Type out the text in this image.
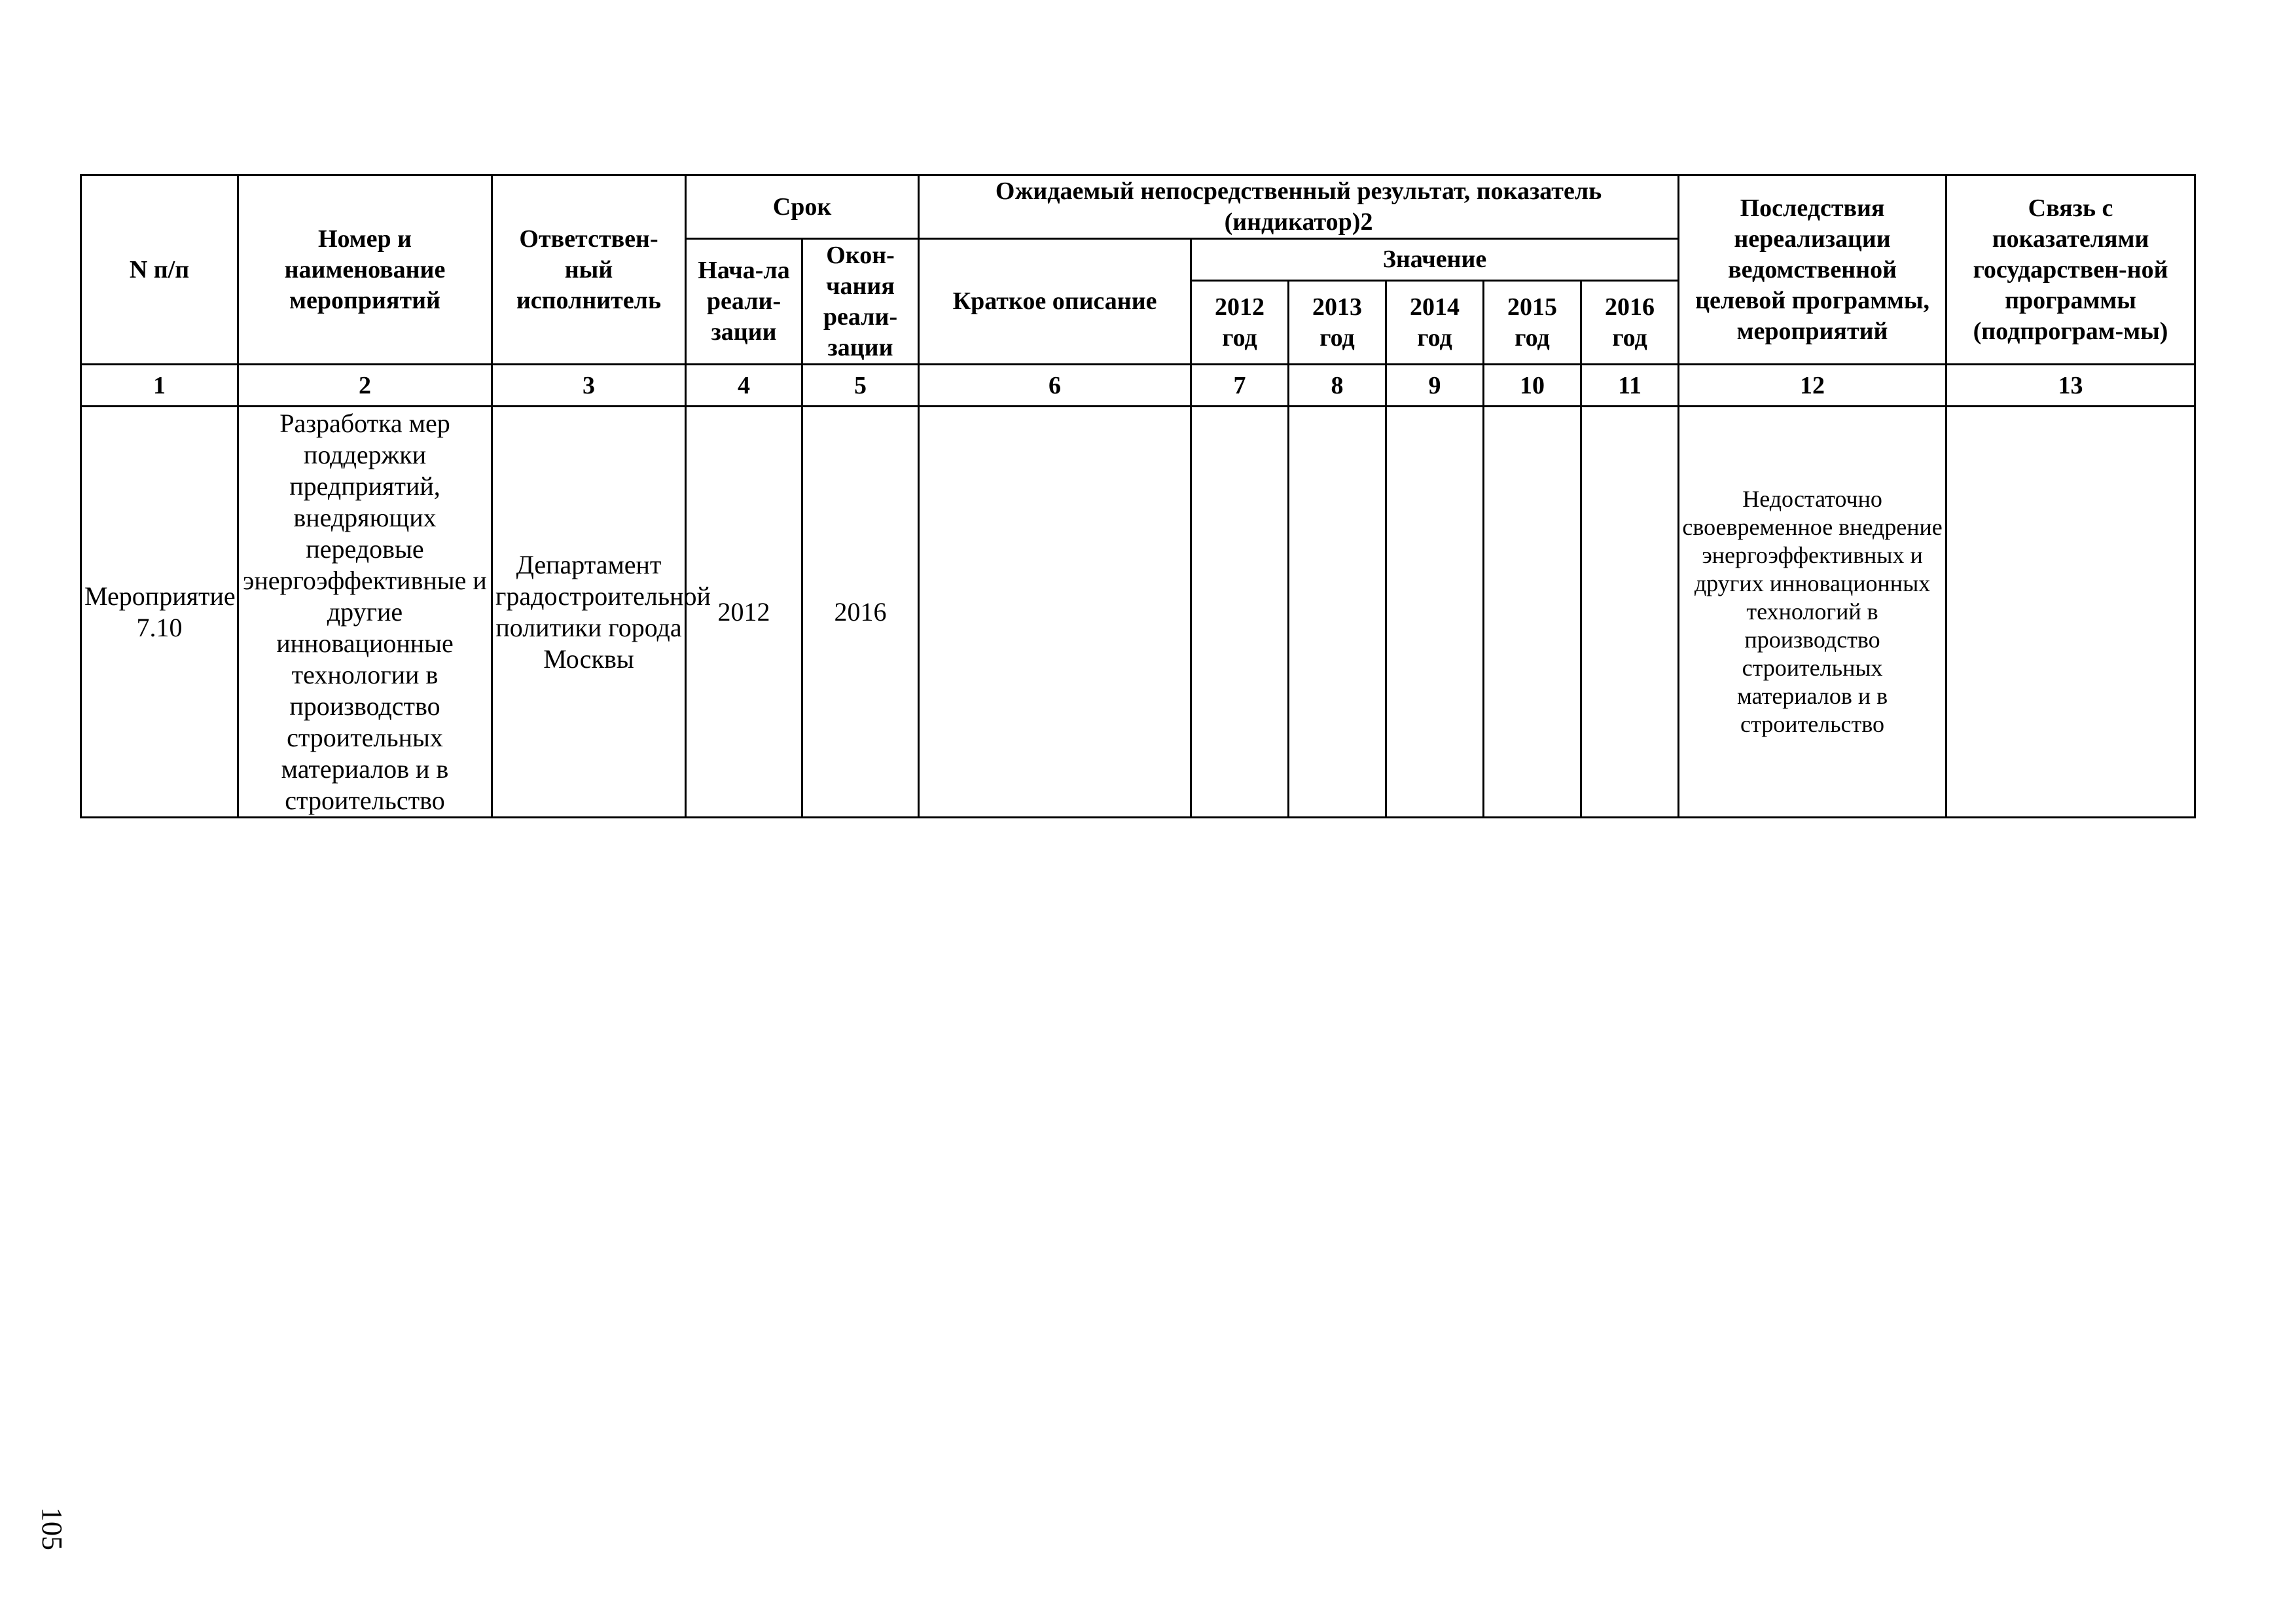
N п/п	Номер и наименование мероприятий	Ответствен-ный исполнитель	Срок		Ожидаемый непосредственный результат, показатель (индикатор)2						Последствия нереализации ведомственной целевой программы, мероприятий	Связь с показателями государствен-ной программы (подпрограм-мы)
			Нача-ла реали-зации	Окон-чания реали-зации	Краткое описание	Значение						
						2012 год	2013 год	2014 год	2015 год	2016 год		
1	2	3	4	5	6	7	8	9	10	11	12	13
Мероприятие 7.10	Разработка мер поддержки предприятий, внедряющих передовые энергоэффективные и другие инновационные технологии в производство строительных материалов и в строительство	Департамент градостроительной политики города Москвы	2012	2016							Недостаточно своевременное внедрение энергоэффективных и других инновационных технологий в производство строительных материалов и в строительство	
105
